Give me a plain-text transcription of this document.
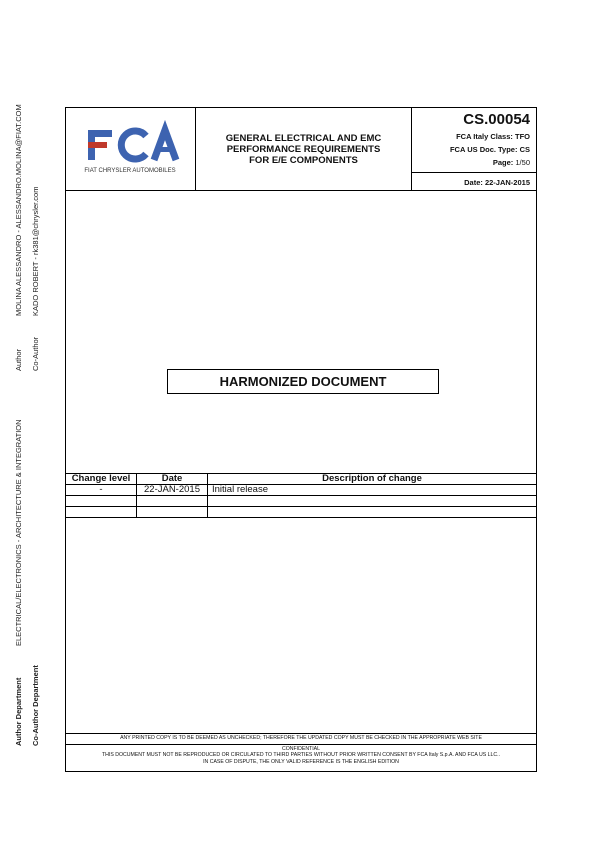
MOLINA ALESSANDRO - ALESSANDRO.MOLINA@FIAT.COM KADO ROBERT - rk381@chrysler.com
Author Co-Author
ELECTRICAL/ELECTRONICS - ARCHITECTURE & INTEGRATION
Author Department Co-Author Department
FIAT CHRYSLER AUTOMOBILES
GENERAL ELECTRICAL AND EMC
PERFORMANCE REQUIREMENTS
FOR E/E COMPONENTS
CS.00054
FCA Italy Class: TFO
FCA US Doc. Type: CS
Page: 1/50
Date: 22-JAN-2015
HARMONIZED DOCUMENT
Change level	Date	Description of change
-	22-JAN-2015	Initial release

ANY PRINTED COPY IS TO BE DEEMED AS UNCHECKED; THEREFORE THE UPDATED COPY MUST BE CHECKED IN THE APPROPRIATE WEB SITE
CONFIDENTIAL
THIS DOCUMENT MUST NOT BE REPRODUCED OR CIRCULATED TO THIRD PARTIES WITHOUT PRIOR WRITTEN CONSENT BY FCA Italy S.p.A. AND FCA US LLC..
IN CASE OF DISPUTE, THE ONLY VALID REFERENCE IS THE ENGLISH EDITION
